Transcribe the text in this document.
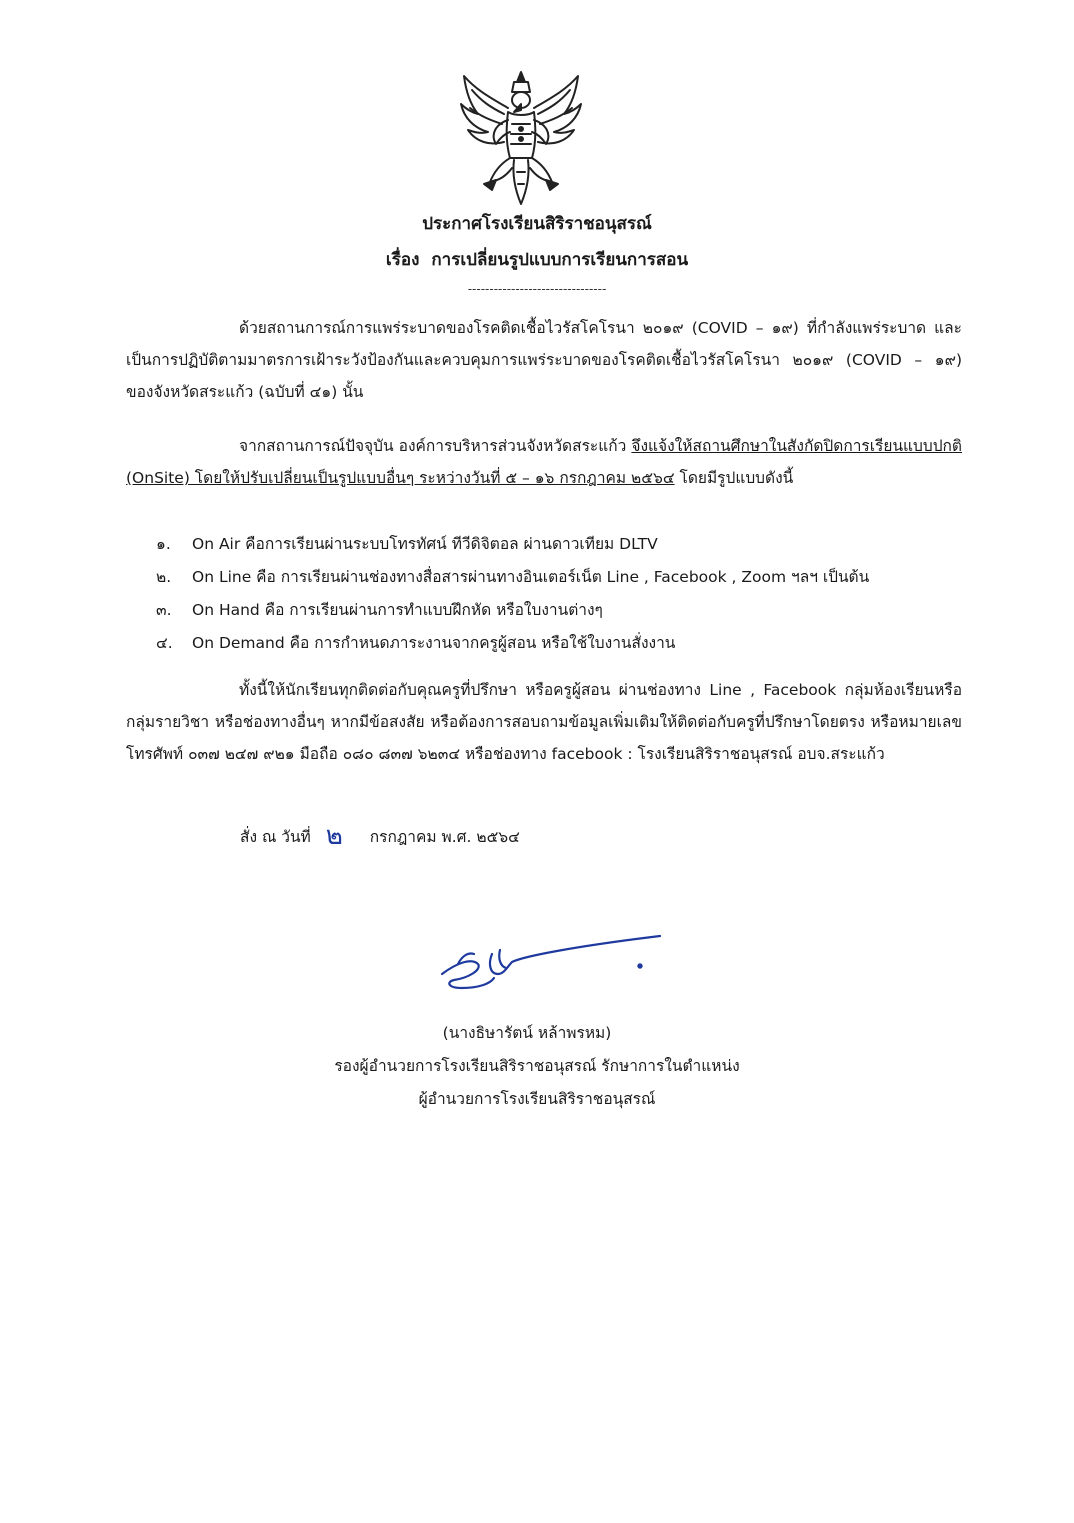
ประกาศโรงเรียนสิริราชอนุสรณ์
เรื่อง การเปลี่ยนรูปแบบการเรียนการสอน
--------------------------------

ด้วยสถานการณ์การแพร่ระบาดของโรคติดเชื้อไวรัสโคโรนา ๒๐๑๙ (COVID – ๑๙) ที่กำลังแพร่ระบาด และเป็นการปฏิบัติตามมาตรการเฝ้าระวังป้องกันและควบคุมการแพร่ระบาดของโรคติดเชื้อไวรัสโคโรนา ๒๐๑๙ (COVID – ๑๙) ของจังหวัดสระแก้ว (ฉบับที่ ๔๑) นั้น

จากสถานการณ์ปัจจุบัน องค์การบริหารส่วนจังหวัดสระแก้ว จึงแจ้งให้สถานศึกษาในสังกัดปิดการเรียนแบบปกติ (OnSite) โดยให้ปรับเปลี่ยนเป็นรูปแบบอื่นๆ ระหว่างวันที่ ๕ – ๑๖ กรกฎาคม ๒๕๖๔ โดยมีรูปแบบดังนี้

๑. On Air คือการเรียนผ่านระบบโทรทัศน์ ทีวีดิจิตอล ผ่านดาวเทียม DLTV
๒. On Line คือ การเรียนผ่านช่องทางสื่อสารผ่านทางอินเตอร์เน็ต Line , Facebook , Zoom ฯลฯ เป็นต้น
๓. On Hand คือ การเรียนผ่านการทำแบบฝึกหัด หรือใบงานต่างๆ
๔. On Demand คือ การกำหนดภาระงานจากครูผู้สอน หรือใช้ใบงานสั่งงาน

ทั้งนี้ให้นักเรียนทุกติดต่อกับคุณครูที่ปรึกษา หรือครูผู้สอน ผ่านช่องทาง Line , Facebook กลุ่มห้องเรียนหรือกลุ่มรายวิชา หรือช่องทางอื่นๆ หากมีข้อสงสัย หรือต้องการสอบถามข้อมูลเพิ่มเติมให้ติดต่อกับครูที่ปรึกษาโดยตรง หรือหมายเลขโทรศัพท์ ๐๓๗ ๒๔๗ ๙๒๑ มือถือ ๐๘๐ ๘๓๗ ๖๒๓๔ หรือช่องทาง facebook : โรงเรียนสิริราชอนุสรณ์ อบจ.สระแก้ว

สั่ง ณ วันที่ ๒ กรกฎาคม พ.ศ. ๒๕๖๔
(นางธิษารัตน์ หล้าพรหม)
รองผู้อำนวยการโรงเรียนสิริราชอนุสรณ์ รักษาการในตำแหน่ง
ผู้อำนวยการโรงเรียนสิริราชอนุสรณ์
